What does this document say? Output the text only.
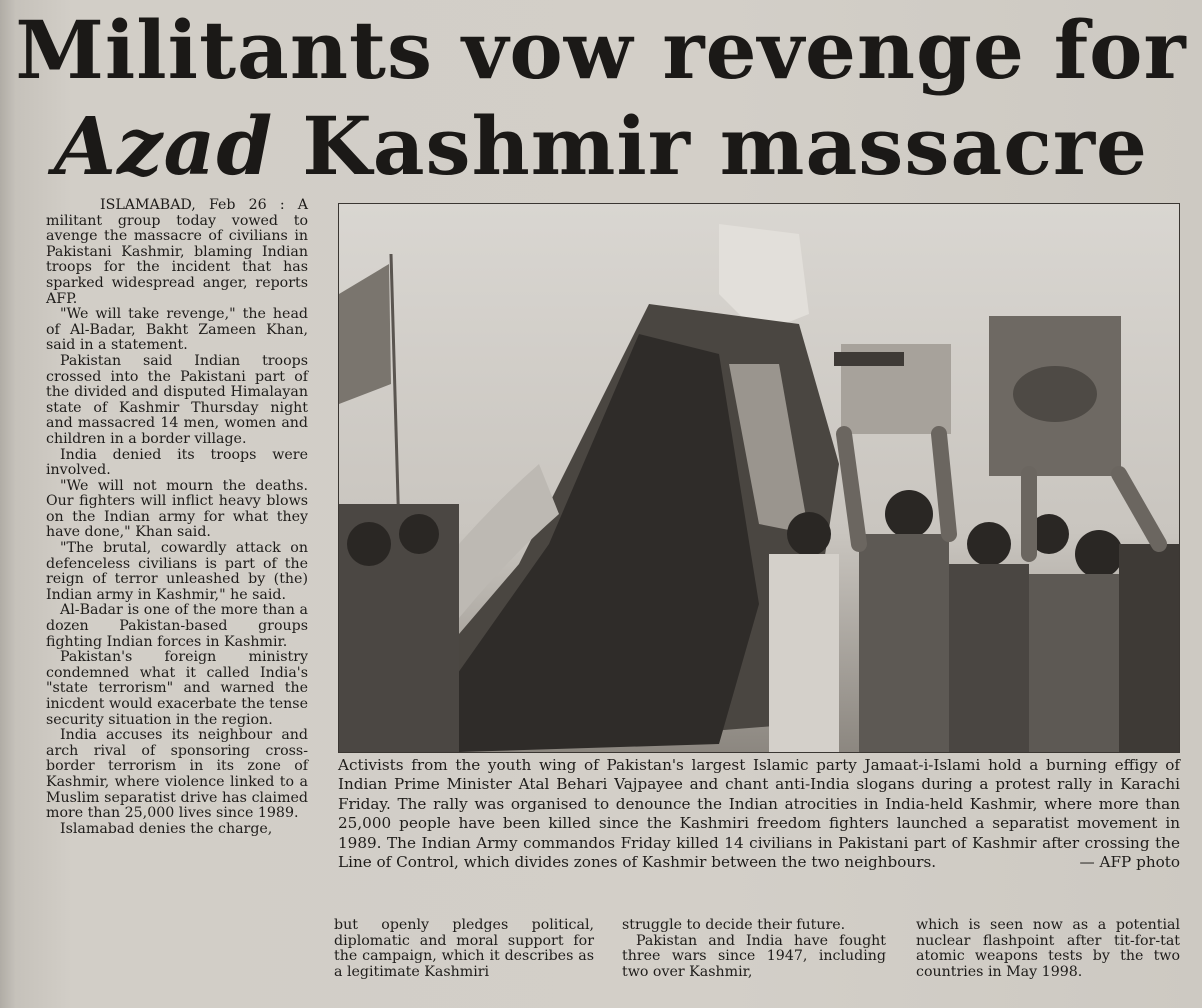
Militants vow revenge for
Azad Kashmir massacre

ISLAMABAD, Feb 26 : A militant group today vowed to avenge the massacre of civilians in Pakistani Kashmir, blaming Indian troops for the incident that has sparked widespread anger, reports AFP.

"We will take revenge," the head of Al-Badar, Bakht Zameen Khan, said in a statement.

Pakistan said Indian troops crossed into the Pakistani part of the divided and disputed Himalayan state of Kashmir Thursday night and massacred 14 men, women and children in a border village.

India denied its troops were involved.

"We will not mourn the deaths. Our fighters will inflict heavy blows on the Indian army for what they have done," Khan said.

"The brutal, cowardly attack on defenceless civilians is part of the reign of terror unleashed by (the) Indian army in Kashmir," he said.

Al-Badar is one of the more than a dozen Pakistan-based groups fighting Indian forces in Kashmir.

Pakistan's foreign ministry condemned what it called India's "state terrorism" and warned the inicdent would exacerbate the tense security situation in the region.

India accuses its neighbour and arch rival of sponsoring cross-border terrorism in its zone of Kashmir, where violence linked to a Muslim separatist drive has claimed more than 25,000 lives since 1989.

Islamabad denies the charge,

Activists from the youth wing of Pakistan's largest Islamic party Jamaat-i-Islami hold a burning effigy of Indian Prime Minister Atal Behari Vajpayee and chant anti-India slogans during a protest rally in Karachi Friday. The rally was organised to denounce the Indian atrocities in India-held Kashmir, where more than 25,000 people have been killed since the Kashmiri freedom fighters launched a separatist movement in 1989. The Indian Army commandos Friday killed 14 civilians in Pakistani part of Kashmir after crossing the Line of Control, which divides zones of Kashmir between the two neighbours.	— AFP photo

but openly pledges political, diplomatic and moral support for the campaign, which it describes as a legitimate Kashmiri

struggle to decide their future.

Pakistan and India have fought three wars since 1947, including two over Kashmir,

which is seen now as a potential nuclear flashpoint after tit-for-tat atomic weapons tests by the two countries in May 1998.
